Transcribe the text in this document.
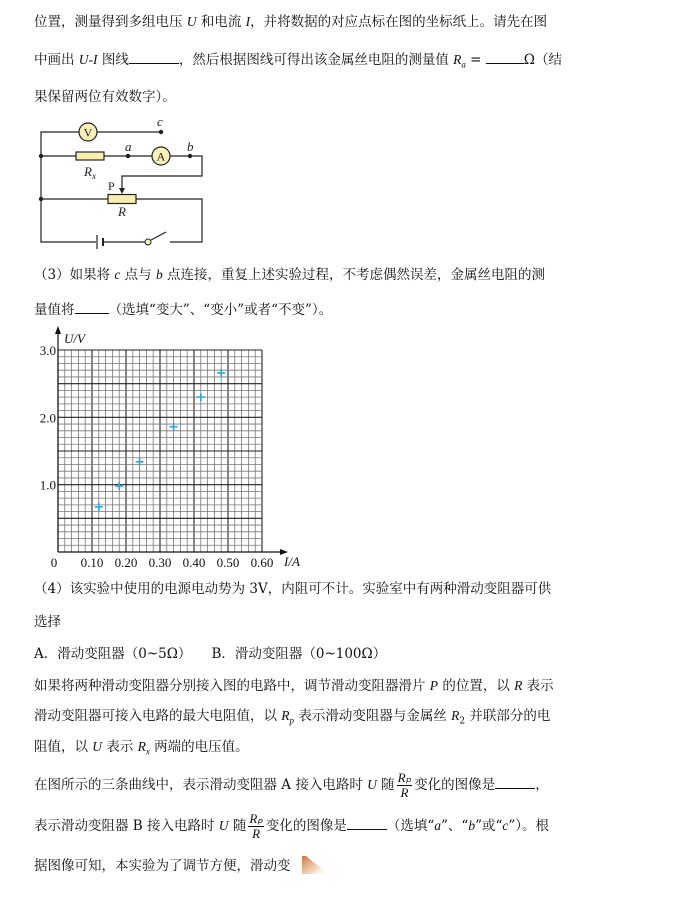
位置，测量得到多组电压 U 和电流 I，并将数据的对应点标在图的坐标纸上。请先在图
中画出 U-I 图线	，然后根据图线可得出该金属丝电阻的测量值 $R_a$ =	Ω（结
果保留两位有效数字）。
V
A
$R_x$
P
R
c
a	b
（3）如果将 c 点与 b 点连接，重复上述实验过程，不考虑偶然误差，金属丝电阻的测
量值将	（选填“变大”、“变小”或者“不变”）。
U/V
I/A
0 0.10 0.20 0.30 0.40 0.50 0.60
1.0
2.0
3.0
（4）该实验中使用的电源电动势为 3V，内阻可不计。实验室中有两种滑动变阻器可供
选择
A．滑动变阻器（0~5Ω） B．滑动变阻器（0~100Ω）
如果将两种滑动变阻器分别接入图的电路中，调节滑动变阻器滑片 P 的位置，以 R 表示
滑动变阻器可接入电路的最大电阻值，以 $R_p$ 表示滑动变阻器与金属丝 $R_2$ 并联部分的电
阻值，以 U 表示 $R_x$ 两端的电压值。
在图所示的三条曲线中，表示滑动变阻器 A 接入电路时 U 随 $\frac{\text{Rₚ}}{R}$ 变化的图像是	，
表示滑动变阻器 B 接入电路时 U 随 $\frac{\text{Rₚ}}{R}$ 变化的图像是	（选填“a”、“b”或“c”）。根
据图像可知，本实验为了调节方便，滑动变
